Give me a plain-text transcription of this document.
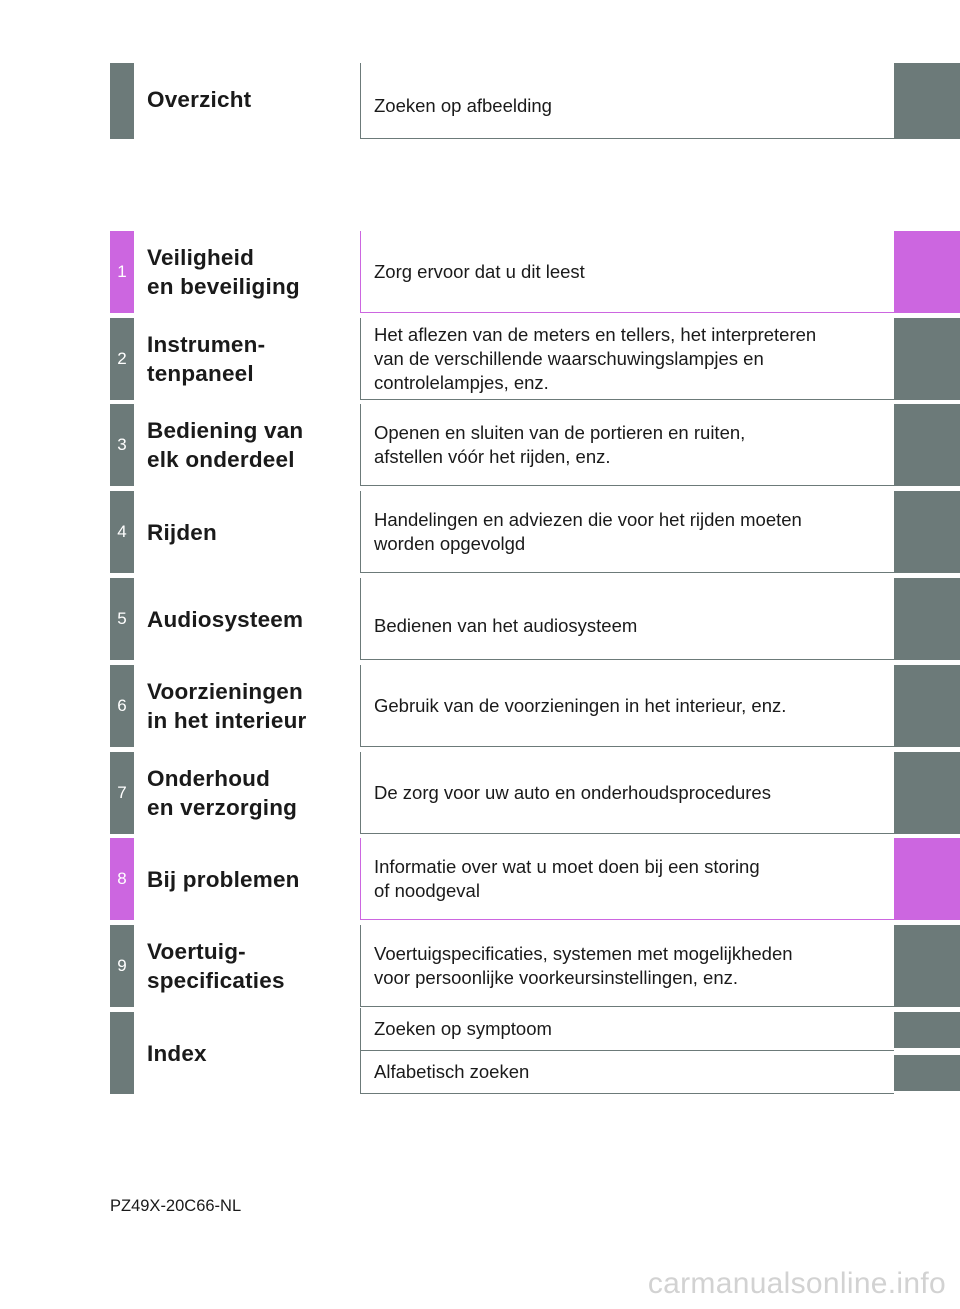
Overzicht	Zoeken op afbeelding
1
Veiligheid
en beveiliging
Zorg ervoor dat u dit leest
2
Instrumen-
tenpaneel
Het aflezen van de meters en tellers, het interpreteren
van de verschillende waarschuwingslampjes en
controlelampjes, enz.
3
Bediening van
elk onderdeel
Openen en sluiten van de portieren en ruiten,
afstellen vóór het rijden, enz.
4 Rijden
Handelingen en adviezen die voor het rijden moeten
worden opgevolgd
5 Audiosysteem	Bedienen van het audiosysteem
6
Voorzieningen
in het interieur
Gebruik van de voorzieningen in het interieur, enz.
7
Onderhoud
en verzorging
De zorg voor uw auto en onderhoudsprocedures
8 Bij problemen
Informatie over wat u moet doen bij een storing
of noodgeval
9
Voertuig-
specificaties
Voertuigspecificaties, systemen met mogelijkheden
voor persoonlijke voorkeursinstellingen, enz.
Index
Zoeken op symptoom
Alfabetisch zoeken
PZ49X-20C66-NL
carmanualsonline.info
